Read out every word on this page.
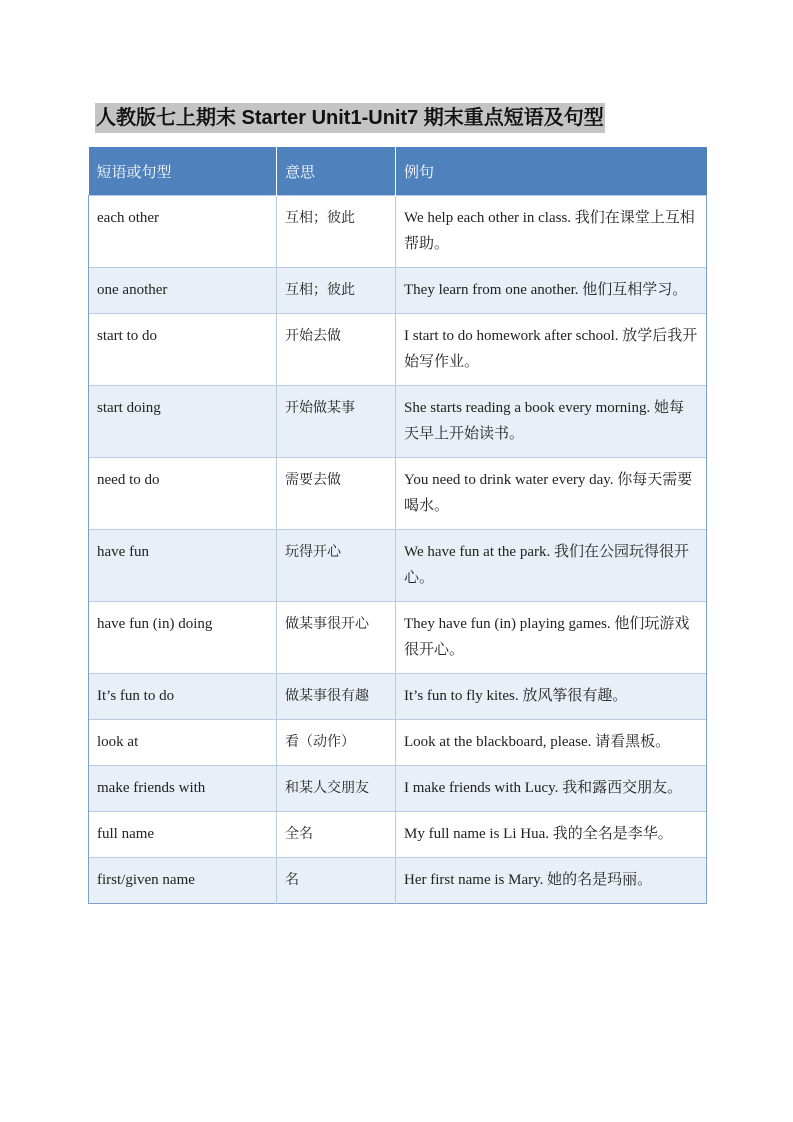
人教版七上期末 Starter Unit1-Unit7 期末重点短语及句型
短语或句型	意思	例句
each other	互相；彼此	We help each other in class. 我们在课堂上互相帮助。
one another	互相；彼此	They learn from one another. 他们互相学习。
start to do	开始去做	I start to do homework after school. 放学后我开始写作业。
start doing	开始做某事	She starts reading a book every morning. 她每天早上开始读书。
need to do	需要去做	You need to drink water every day. 你每天需要喝水。
have fun	玩得开心	We have fun at the park. 我们在公园玩得很开心。
have fun (in) doing	做某事很开心	They have fun (in) playing games. 他们玩游戏很开心。
It’s fun to do	做某事很有趣	It’s fun to fly kites. 放风筝很有趣。
look at	看（动作）	Look at the blackboard, please. 请看黑板。
make friends with	和某人交朋友	I make friends with Lucy. 我和露西交朋友。
full name	全名	My full name is Li Hua. 我的全名是李华。
first/given name	名	Her first name is Mary. 她的名是玛丽。
